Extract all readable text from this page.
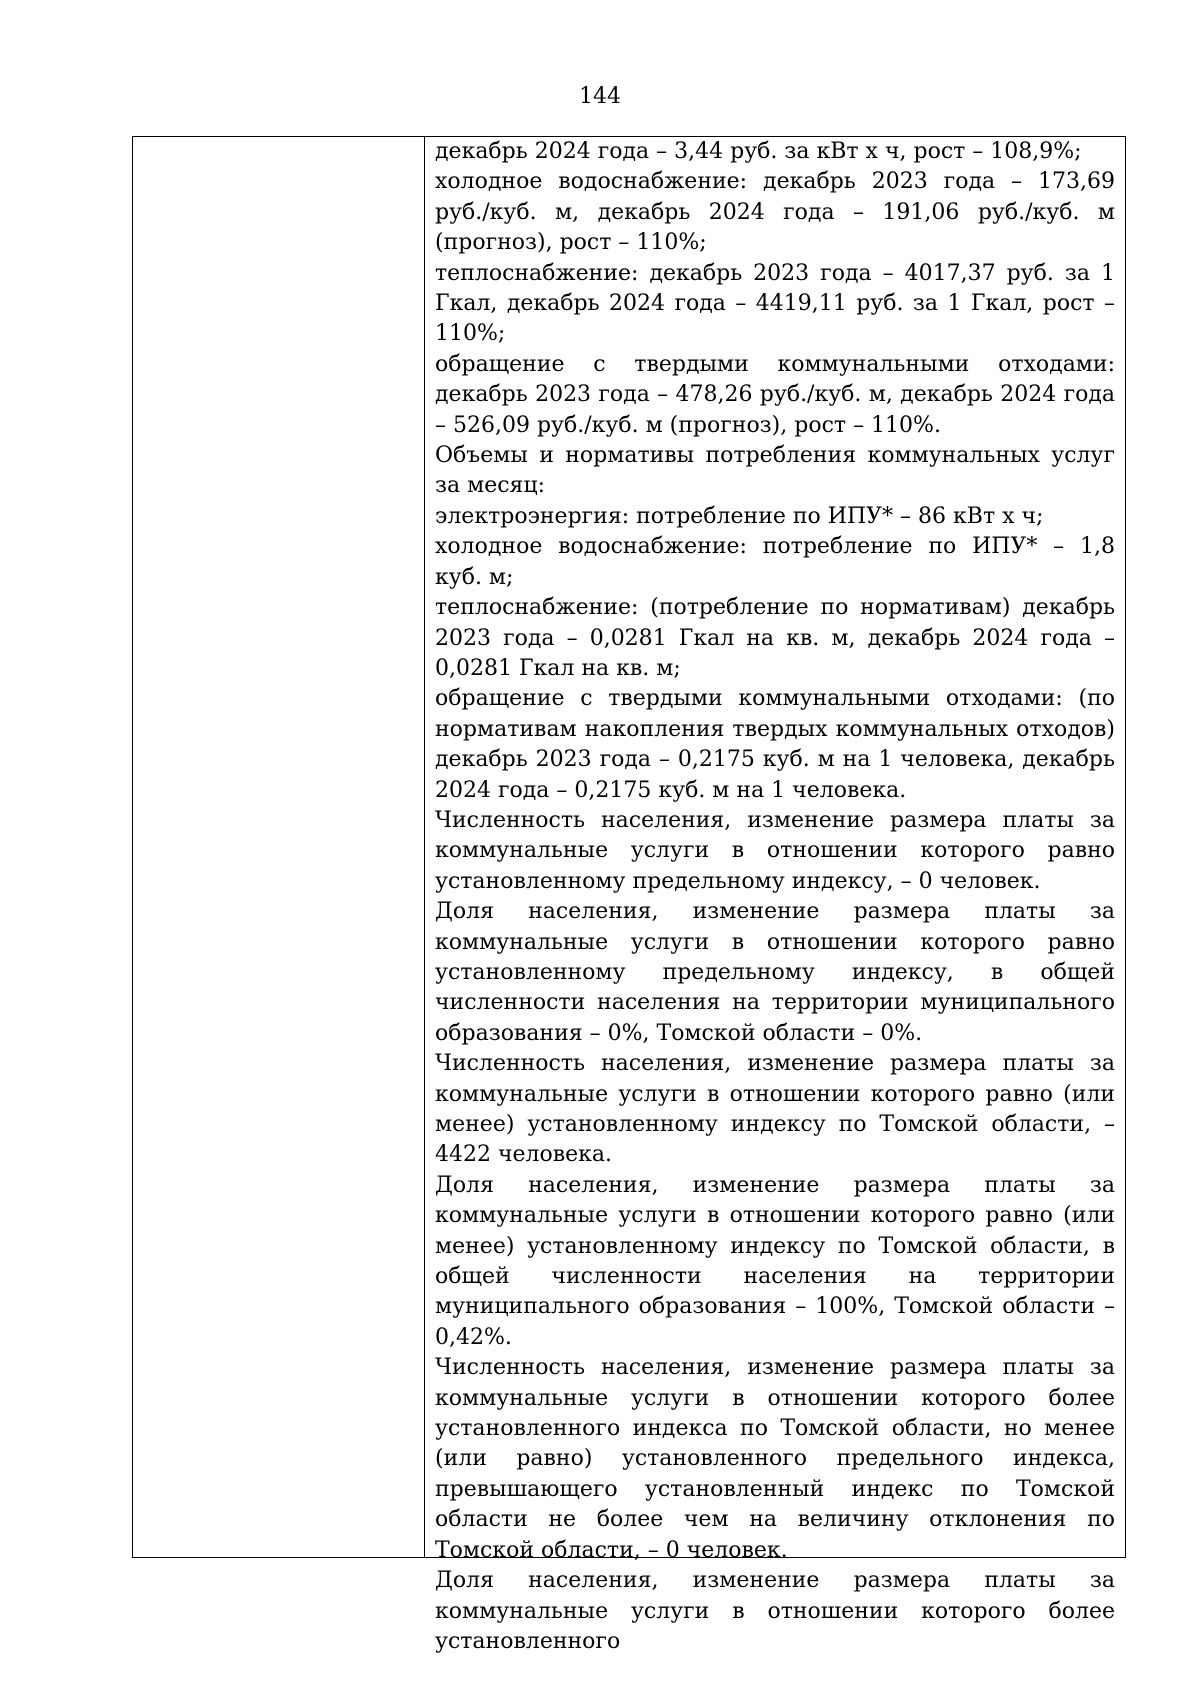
144

декабрь 2024 года – 3,44 руб. за кВт х ч, рост – 108,9%;

холодное водоснабжение: декабрь 2023 года – 173,69 руб./куб. м, декабрь 2024 года – 191,06 руб./куб. м (прогноз), рост – 110%;

теплоснабжение: декабрь 2023 года – 4017,37 руб. за 1 Гкал, декабрь 2024 года – 4419,11 руб. за 1 Гкал, рост – 110%;

обращение с твердыми коммунальными отходами: декабрь 2023 года – 478,26 руб./куб. м, декабрь 2024 года – 526,09 руб./куб. м (прогноз), рост – 110%.

Объемы и нормативы потребления коммунальных услуг за месяц:

электроэнергия: потребление по ИПУ* – 86 кВт х ч;

холодное водоснабжение: потребление по ИПУ* – 1,8 куб. м;

теплоснабжение: (потребление по нормативам) декабрь 2023 года – 0,0281 Гкал на кв. м, декабрь 2024 года – 0,0281 Гкал на кв. м;

обращение с твердыми коммунальными отходами: (по нормативам накопления твердых коммунальных отходов) декабрь 2023 года – 0,2175 куб. м на 1 человека, декабрь 2024 года – 0,2175 куб. м на 1 человека.

Численность населения, изменение размера платы за коммунальные услуги в отношении которого равно установленному предельному индексу, – 0 человек.

Доля населения, изменение размера платы за коммунальные услуги в отношении которого равно установленному предельному индексу, в общей численности населения на территории муниципального образования – 0%, Томской области – 0%.

Численность населения, изменение размера платы за коммунальные услуги в отношении которого равно (или менее) установленному индексу по Томской области, – 4422 человека.

Доля населения, изменение размера платы за коммунальные услуги в отношении которого равно (или менее) установленному индексу по Томской области, в общей численности населения на территории муниципального образования – 100%, Томской области – 0,42%.

Численность населения, изменение размера платы за коммунальные услуги в отношении которого более установленного индекса по Томской области, но менее (или равно) установленного предельного индекса, превышающего установленный индекс по Томской области не более чем на величину отклонения по Томской области, – 0 человек.

Доля населения, изменение размера платы за коммунальные услуги в отношении которого более установленного
